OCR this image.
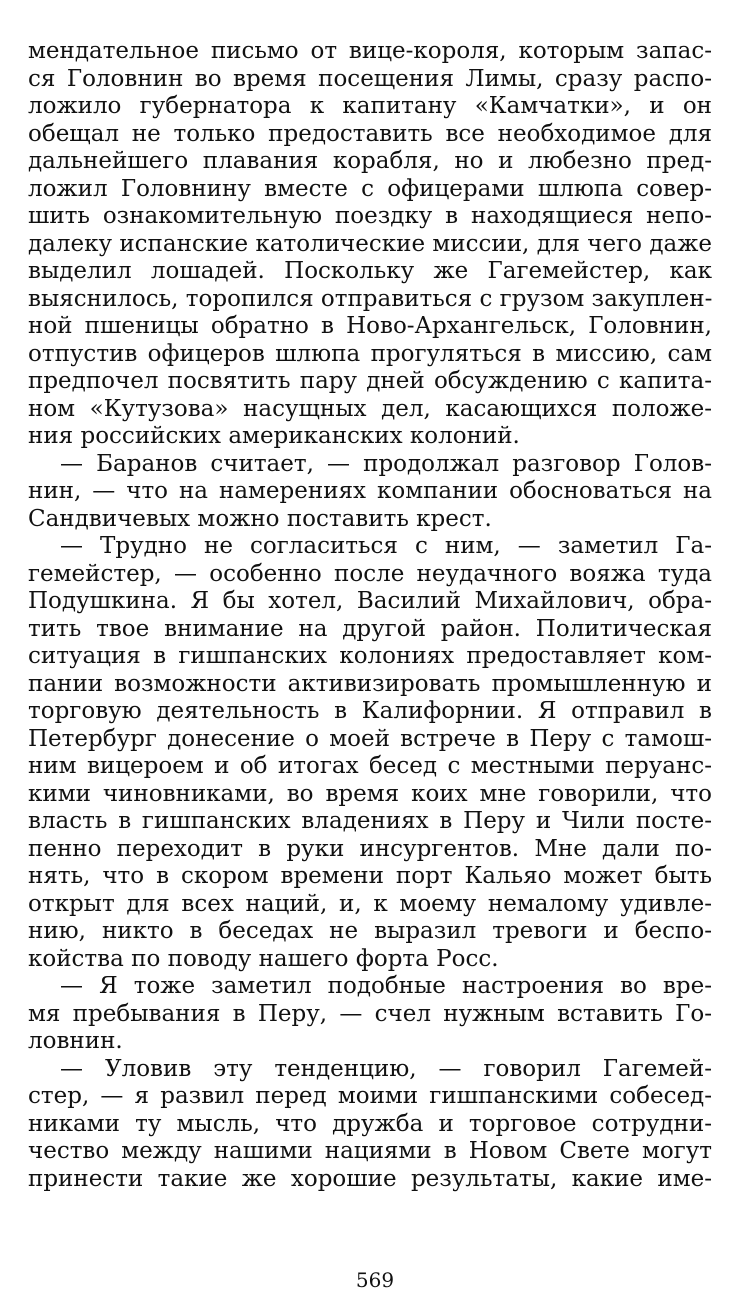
мендательное письмо от вице-короля, которым запас-
ся Головнин во время посещения Лимы, сразу распо-
ложило губернатора к капитану «Камчатки», и он
обещал не только предоставить все необходимое для
дальнейшего плавания корабля, но и любезно пред-
ложил Головнину вместе с офицерами шлюпа совер-
шить ознакомительную поездку в находящиеся непо-
далеку испанские католические миссии, для чего даже
выделил лошадей. Поскольку же Гагемейстер, как
выяснилось, торопился отправиться с грузом закуплен-
ной пшеницы обратно в Ново-Архангельск, Головнин,
отпустив офицеров шлюпа прогуляться в миссию, сам
предпочел посвятить пару дней обсуждению с капита-
ном «Кутузова» насущных дел, касающихся положе-
ния российских американских колоний.
— Баранов считает, — продолжал разговор Голов-
нин, — что на намерениях компании обосноваться на
Сандвичевых можно поставить крест.
— Трудно не согласиться с ним, — заметил Га-
гемейстер, — особенно после неудачного вояжа туда
Подушкина. Я бы хотел, Василий Михайлович, обра-
тить твое внимание на другой район. Политическая
ситуация в гишпанских колониях предоставляет ком-
пании возможности активизировать промышленную и
торговую деятельность в Калифорнии. Я отправил в
Петербург донесение о моей встрече в Перу с тамош-
ним вицероем и об итогах бесед с местными перуанс-
кими чиновниками, во время коих мне говорили, что
власть в гишпанских владениях в Перу и Чили посте-
пенно переходит в руки инсургентов. Мне дали по-
нять, что в скором времени порт Кальяо может быть
открыт для всех наций, и, к моему немалому удивле-
нию, никто в беседах не выразил тревоги и беспо-
койства по поводу нашего форта Росс.
— Я тоже заметил подобные настроения во вре-
мя пребывания в Перу, — счел нужным вставить Го-
ловнин.
— Уловив эту тенденцию, — говорил Гагемей-
стер, — я развил перед моими гишпанскими собесед-
никами ту мысль, что дружба и торговое сотрудни-
чество между нашими нациями в Новом Свете могут
принести такие же хорошие результаты, какие име-
569
